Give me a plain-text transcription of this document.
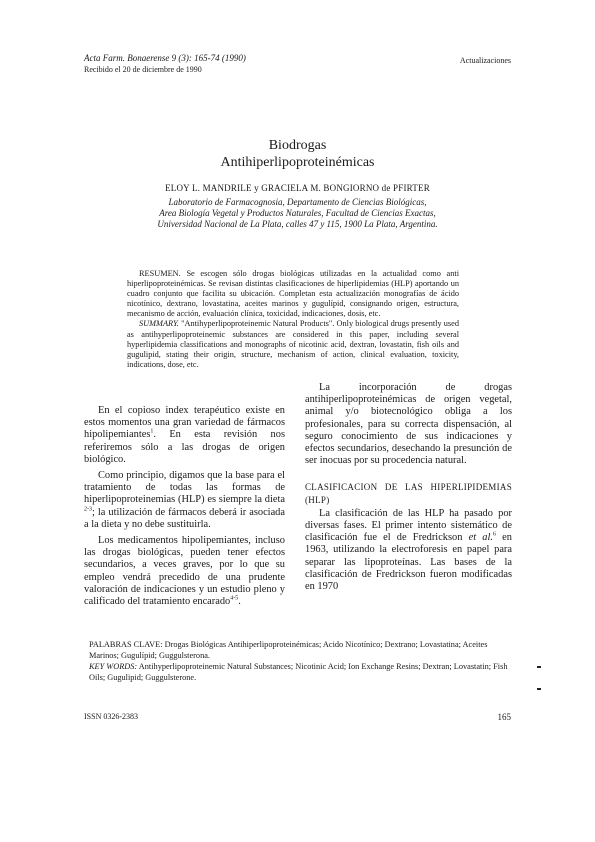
Acta Farm. Bonaerense 9 (3): 165-74 (1990)
Recibido el 20 de diciembre de 1990
Actualizaciones
Biodrogas
Antihiperlipoproteinémicas
ELOY L. MANDRILE y GRACIELA M. BONGIORNO de PFIRTER
Laboratorio de Farmacognosia, Departamento de Ciencias Biológicas,
Area Biología Vegetal y Productos Naturales, Facultad de Ciencias Exactas,
Universidad Nacional de La Plata, calles 47 y 115, 1900 La Plata, Argentina.

RESUMEN. Se escogen sólo drogas biológicas utilizadas en la actualidad como anti hiperlipoproteinémicas. Se revisan distintas clasificaciones de hiperlipidemias (HLP) aportando un cuadro conjunto que facilita su ubicación. Completan esta actualización monografías de ácido nicotínico, dextrano, lovastatina, aceites marinos y gugulípid, consignando origen, estructura, mecanismo de acción, evaluación clínica, toxicidad, indicaciones, dosis, etc.

SUMMARY. "Antihyperlipoproteinemic Natural Products". Only biological drugs presently used as antihyperlipoproteinemic substances are considered in this paper, including several hyperlipidemia classifications and monographs of nicotinic acid, dextran, lovastatin, fish oils and gugulipid, stating their origin, structure, mechanism of action, clinical evaluation, toxicity, indications, dose, etc.

En el copioso index terapéutico existe en estos momentos una gran variedad de fármacos hipolipemiantes$^1$. En esta revisión nos referiremos sólo a las drogas de origen biológico.

Como principio, digamos que la base para el tratamiento de todas las formas de hiperlipoproteinemias (HLP) es siempre la dieta $^{2-3}$; la utilización de fármacos deberá ir asociada a la dieta y no debe sustituirla.

Los medicamentos hipolipemiantes, incluso las drogas biológicas, pueden tener efectos secundarios, a veces graves, por lo que su empleo vendrá precedido de una prudente valoración de indicaciones y un estudio pleno y calificado del tratamiento encarado$^{4-5}$.

La incorporación de drogas antihiperlipoproteinémicas de origen vegetal, animal y/o biotecnológico obliga a los profesionales, para su correcta dispensación, al seguro conocimiento de sus indicaciones y efectos secundarios, desechando la presunción de ser inocuas por su procedencia natural.

CLASIFICACION DE LAS HIPERLIPIDEMIAS (HLP)

La clasificación de las HLP ha pasado por diversas fases. El primer intento sistemático de clasificación fue el de Fredrickson et al.$^6$ en 1963, utilizando la electroforesis en papel para separar las lipoproteínas. Las bases de la clasificación de Fredrickson fueron modificadas en 1970

PALABRAS CLAVE: Drogas Biológicas Antihiperlipoproteinémicas; Acido Nicotínico; Dextrano; Lovastatina; Aceites Marinos; Gugulípid; Guggulsterona.
KEY WORDS: Antihyperlipoproteinemic Natural Substances; Nicotinic Acid; Ion Exchange Resins; Dextran; Lovastatin; Fish Oils; Gugulipid; Guggulsterone.
ISSN 0326-2383	165
